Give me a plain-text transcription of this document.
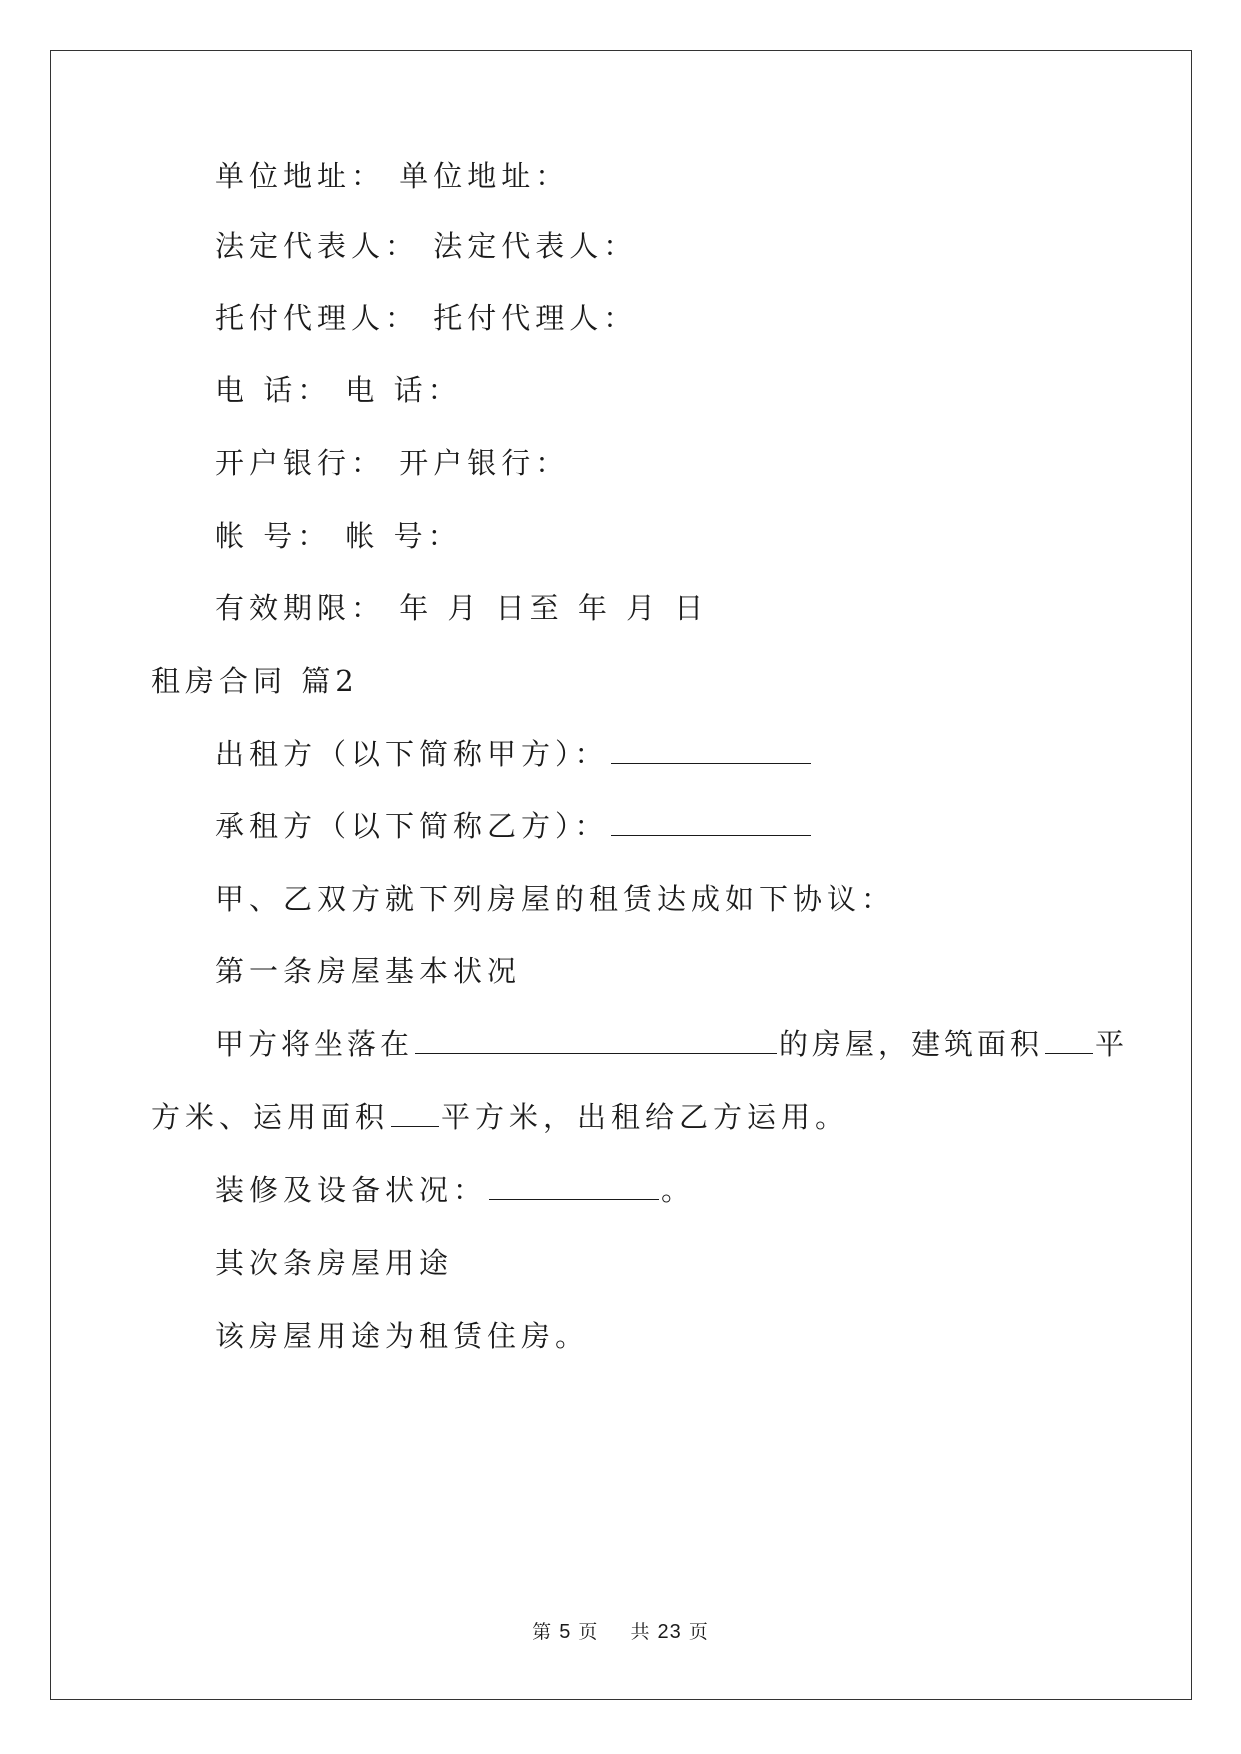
单位地址： 单位地址：
法定代表人： 法定代表人：
托付代理人： 托付代理人：
电 话： 电 话：
开户银行： 开户银行：
帐 号： 帐 号：
有效期限： 年 月 日至 年 月 日
租房合同 篇2
出租方（以下简称甲方）：
承租方（以下简称乙方）：
甲、乙双方就下列房屋的租赁达成如下协议：
第一条房屋基本状况
甲方将坐落在	的房屋，建筑面积 平
方米、运用面积 平方米，出租给乙方运用。
装修及设备状况：	。
其次条房屋用途
该房屋用途为租赁住房。
第 5 页 共 23 页
